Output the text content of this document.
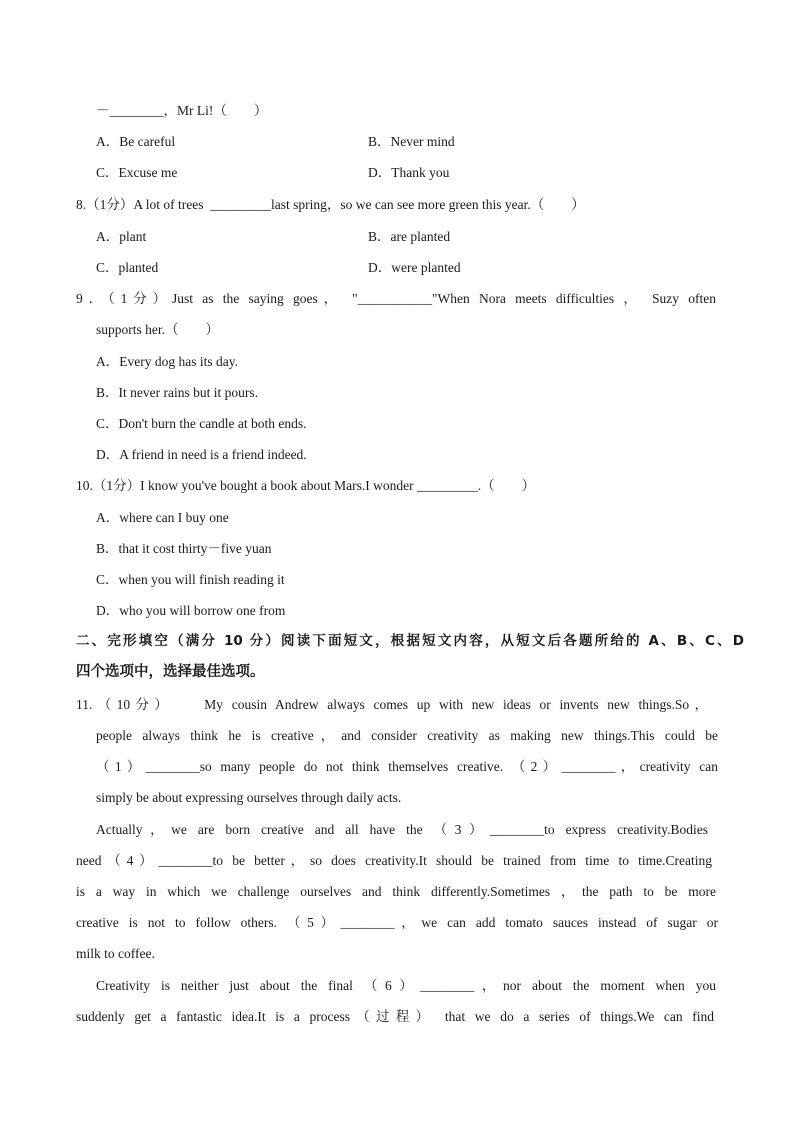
－________，Mr Li!（　　）
A．Be careful	B．Never mind
C．Excuse me	D．Thank you
8.（1分）A lot of trees  _________last spring，so we can see more green this year.（　　）
A．plant	B．are planted
C．planted	D．were planted
9．（1分）Just as the saying goes， "___________"When Nora meets difficulties ， Suzy often
supports her.（　　）
A．Every dog has its day.
B．It never rains but it pours.
C．Don't burn the candle at both ends.
D．A friend in need is a friend indeed.
10.（1分）I know you've bought a book about Mars.I wonder _________.（　　）
A．where can I buy one
B．that it cost thirty－five yuan
C．when you will finish reading it
D．who you will borrow one from
二、完形填空（满分 10 分）阅读下面短文，根据短文内容，从短文后各题所给的 A、B、C、D
四个选项中，选择最佳选项。
11.（10分）　　My cousin Andrew always comes up with new ideas or invents new things.So，
people always think he is creative，and consider creativity as making new things.This could be
（1）________so many people do not think themselves creative. （2）________，creativity can
simply be about expressing ourselves through daily acts.
Actually，we are born creative and all have the （3）________to express creativity.Bodies
need（4）________to be better，so does creativity.It should be trained from time to time.Creating
is a way in which we challenge ourselves and think differently.Sometimes ，the path to be more
creative is not to follow others. （5）________，we can add tomato sauces instead of sugar or
milk to coffee.
Creativity is neither just about the final （6）________，nor about the moment when you
suddenly get a fantastic idea.It is a process（过程） that we do a series of things.We can find
